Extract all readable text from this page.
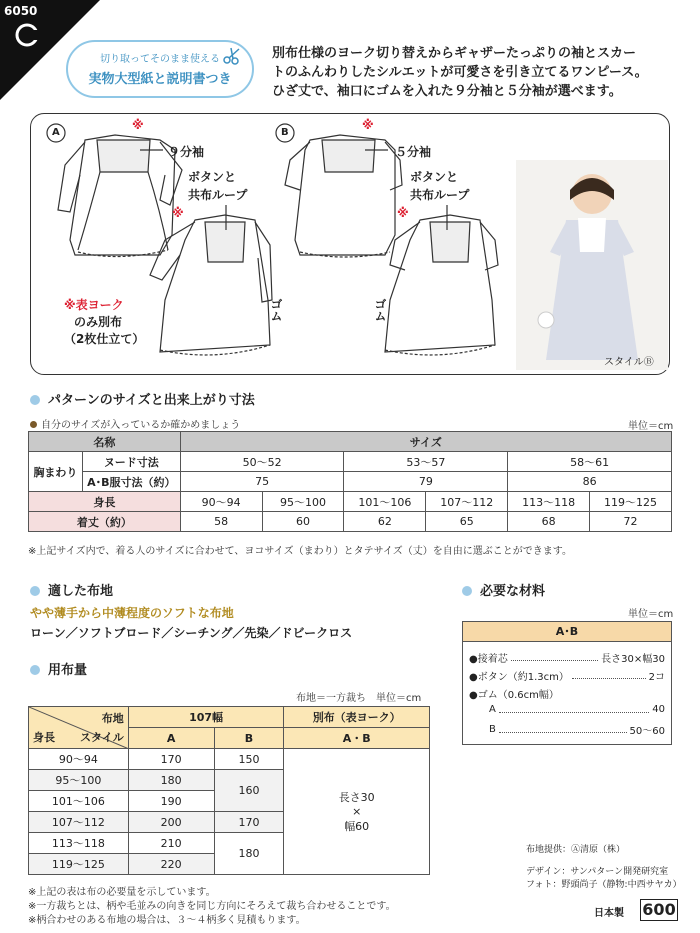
6050
切り取ってそのまま使える
実物大型紙と説明書つき

別布仕様のヨーク切り替えからギャザーたっぷりの袖とスカー

トのふんわりしたシルエットが可愛さを引き立てるワンピース。

ひざ丈で、袖口にゴムを入れた９分袖と５分袖が選べます。

A	B
※	※
※	※
９分袖	５分袖
ボタンと
共布ループ
ボタンと
共布ループ
ゴム	ゴム
※表ヨーク
のみ別布
（2枚仕立て）
スタイルⒷ
パターンのサイズと出来上がり寸法
自分のサイズが入っているか確かめましょう	単位＝cm
名称		サイズ					
胸まわり	ヌード寸法	50〜52		53〜57		58〜61	
	A･B服寸法（約）	75		79		86	
身長		90〜94	95〜100	101〜106	107〜112	113〜118	119〜125
着丈（約）		58	60	62	65	68	72
※上記サイズ内で、着る人のサイズに合わせて、ヨコサイズ（まわり）とタテサイズ（丈）を自由に選ぶことができます。
適した布地
やや薄手から中薄程度のソフトな布地
ローン／ソフトブロード／シーチング／先染／ドビークロス
用布量
布地＝一方裁ち　単位＝cm
布地
身長 スタイル	107幅		別布（表ヨーク）
	A	B	A・B
90〜94	170	150	長さ30
×
幅60

95〜100	180	160	
101〜106	190		
107〜112	200	170	
113〜118	210	180	
119〜125	220		
※上記の表は布の必要量を示しています。
※一方裁ちとは、柄や毛並みの向きを同じ方向にそろえて裁ち合わせることです。
※柄合わせのある布地の場合は、３〜４柄多く見積もります。
必要な材料
単位＝cm
A･B
●接着芯	長さ30×幅30
●ボタン（約1.3cm）	2コ
●ゴム（0.6cm幅）
A	40
B	50〜60
布地提供：Ⓐ清原（株）
デザイン：サンパターン開発研究室
フォト：野頭尚子（静物:中西サヤカ）
日本製 600
